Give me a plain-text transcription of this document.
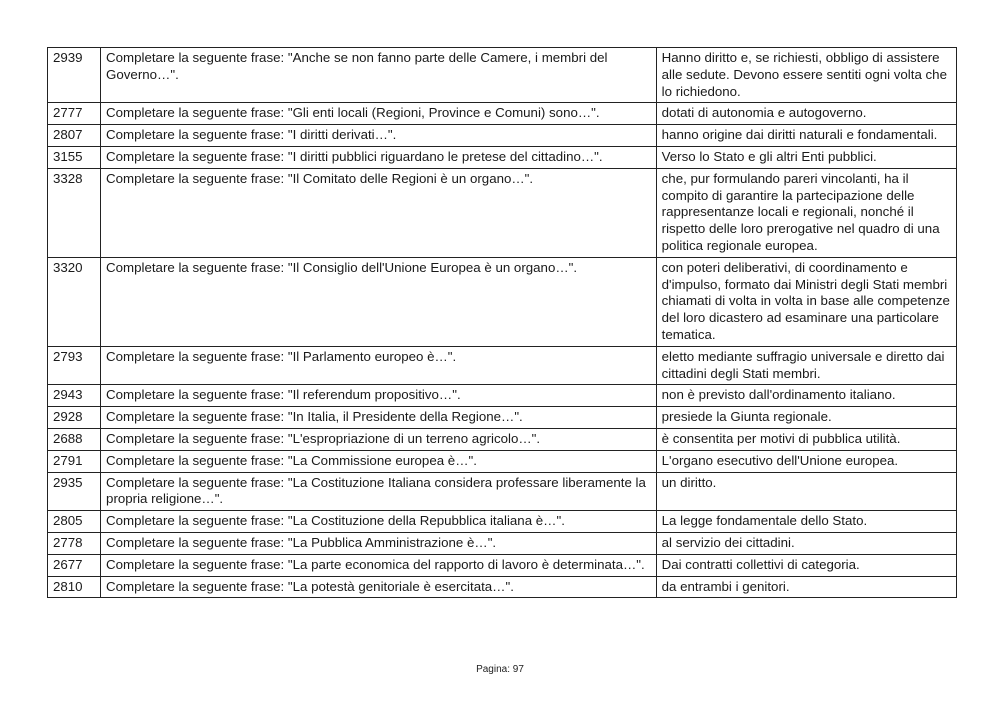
2939	Completare la seguente frase: "Anche se non fanno parte delle Camere, i membri del Governo…".	Hanno diritto e, se richiesti, obbligo di assistere alle sedute. Devono essere sentiti ogni volta che lo richiedono.
2777	Completare la seguente frase: "Gli enti locali (Regioni, Province e Comuni) sono…".	dotati di autonomia e autogoverno.
2807	Completare la seguente frase: "I diritti derivati…".	hanno origine dai diritti naturali e fondamentali.
3155	Completare la seguente frase: "I diritti pubblici riguardano le pretese del cittadino…".	Verso lo Stato e gli altri Enti pubblici.
3328	Completare la seguente frase: "Il Comitato delle Regioni è un organo…".	che, pur formulando pareri vincolanti, ha il compito di garantire la partecipazione delle rappresentanze locali e regionali, nonché il rispetto delle loro prerogative nel quadro di una politica regionale europea.
3320	Completare la seguente frase: "Il Consiglio dell'Unione Europea è un organo…".	con poteri deliberativi, di coordinamento e d'impulso, formato dai Ministri degli Stati membri chiamati di volta in volta in base alle competenze del loro dicastero ad esaminare una particolare tematica.
2793	Completare la seguente frase: "Il Parlamento europeo è…".	eletto mediante suffragio universale e diretto dai cittadini degli Stati membri.
2943	Completare la seguente frase: "Il referendum propositivo…".	non è previsto dall'ordinamento italiano.
2928	Completare la seguente frase: "In Italia, il Presidente della Regione…".	presiede la Giunta regionale.
2688	Completare la seguente frase: "L'espropriazione di un terreno agricolo…".	è consentita per motivi di pubblica utilità.
2791	Completare la seguente frase: "La Commissione europea è…".	L'organo esecutivo dell'Unione europea.
2935	Completare la seguente frase: "La Costituzione Italiana considera professare liberamente la propria religione…".	un diritto.
2805	Completare la seguente frase: "La Costituzione della Repubblica italiana è…".	La legge fondamentale dello Stato.
2778	Completare la seguente frase: "La Pubblica Amministrazione è…".	al servizio dei cittadini.
2677	Completare la seguente frase: "La parte economica del rapporto di lavoro è determinata…".	Dai contratti collettivi di categoria.
2810	Completare la seguente frase: "La potestà genitoriale è esercitata…".	da entrambi i genitori.
Pagina: 97
